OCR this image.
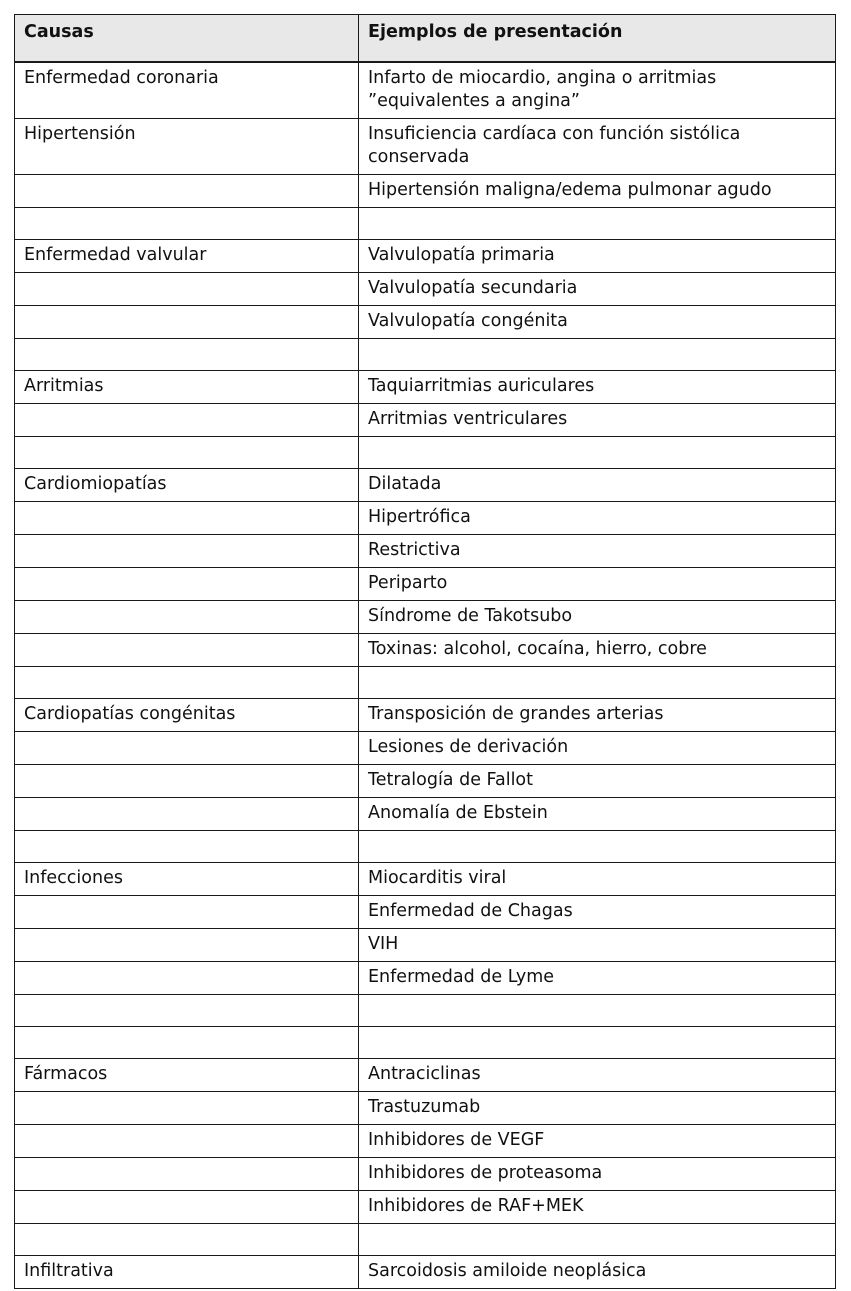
Causas	Ejemplos de presentación
Enfermedad coronaria	Infarto de miocardio, angina o arritmias ”equivalentes a angina”
Hipertensión	Insuficiencia cardíaca con función sistólica conservada
	Hipertensión maligna/edema pulmonar agudo

Enfermedad valvular	Valvulopatía primaria
	Valvulopatía secundaria
	Valvulopatía congénita

Arritmias	Taquiarritmias auriculares
	Arritmias ventriculares

Cardiomiopatías	Dilatada
	Hipertrófica
	Restrictiva
	Periparto
	Síndrome de Takotsubo
	Toxinas: alcohol, cocaína, hierro, cobre

Cardiopatías congénitas	Transposición de grandes arterias
	Lesiones de derivación
	Tetralogía de Fallot
	Anomalía de Ebstein

Infecciones	Miocarditis viral
	Enfermedad de Chagas
	VIH
	Enfermedad de Lyme

Fármacos	Antraciclinas
	Trastuzumab
	Inhibidores de VEGF
	Inhibidores de proteasoma
	Inhibidores de RAF+MEK

Infiltrativa	Sarcoidosis amiloide neoplásica
